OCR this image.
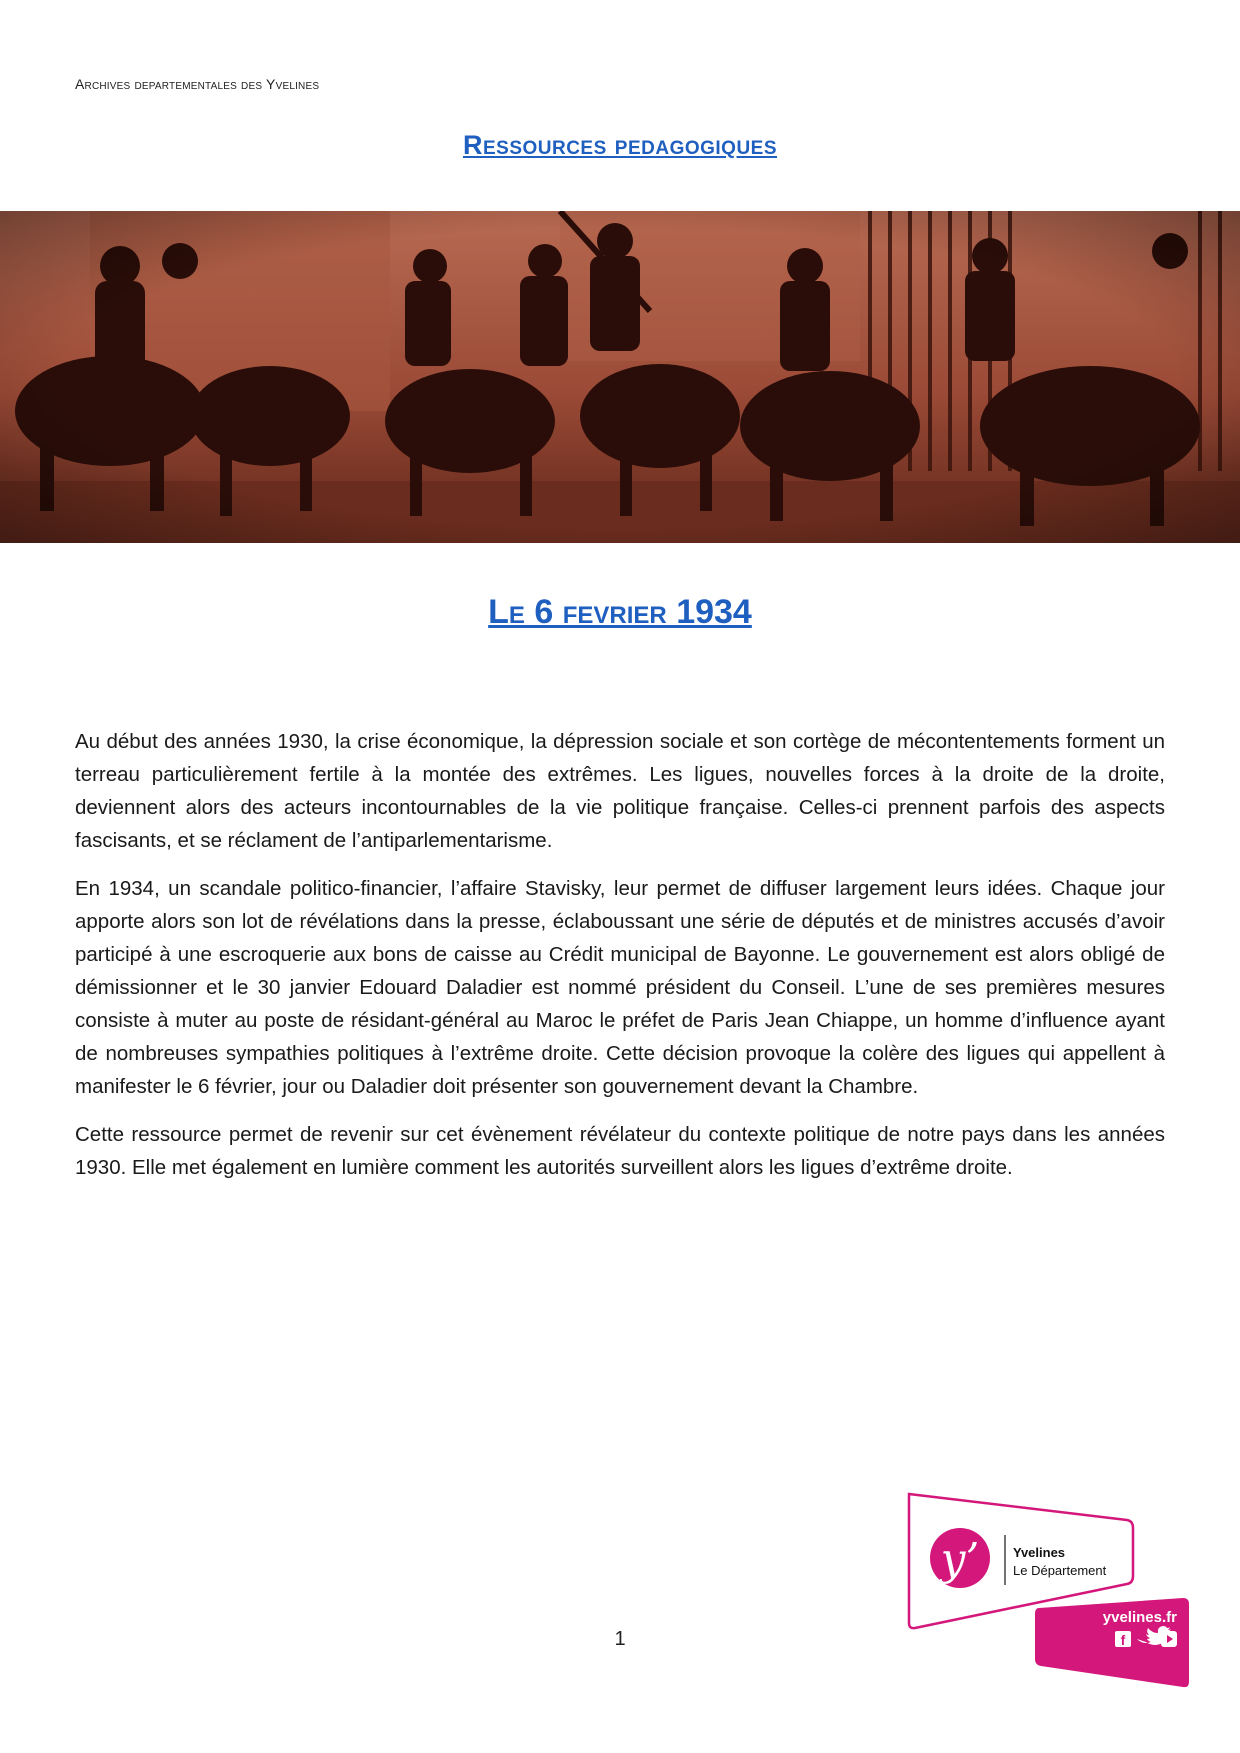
Archives departementales des Yvelines
Ressources pedagogiques
Le 6 fevrier 1934

Au début des années 1930, la crise économique, la dépression sociale et son cortège de mécontentements forment un terreau particulièrement fertile à la montée des extrêmes. Les ligues, nouvelles forces à la droite de la droite, deviennent alors des acteurs incontournables de la vie politique française. Celles-ci prennent parfois des aspects fascisants, et se réclament de l’antiparlementarisme.

En 1934, un scandale politico-financier, l’affaire Stavisky, leur permet de diffuser largement leurs idées. Chaque jour apporte alors son lot de révélations dans la presse, éclaboussant une série de députés et de ministres accusés d’avoir participé à une escroquerie aux bons de caisse au Crédit municipal de Bayonne. Le gouvernement est alors obligé de démissionner et le 30 janvier Edouard Daladier est nommé président du Conseil. L’une de ses premières mesures consiste à muter au poste de résidant-général au Maroc le préfet de Paris Jean Chiappe, un homme d’influence ayant de nombreuses sympathies politiques à l’extrême droite. Cette décision provoque la colère des ligues qui appellent à manifester le 6 février, jour ou Daladier doit présenter son gouvernement devant la Chambre.

Cette ressource permet de revenir sur cet évènement révélateur du contexte politique de notre pays dans les années 1930. Elle met également en lumière comment les autorités surveillent alors les ligues d’extrême droite.

1
y’	Yvelines
Le Département
yvelines.fr
f
